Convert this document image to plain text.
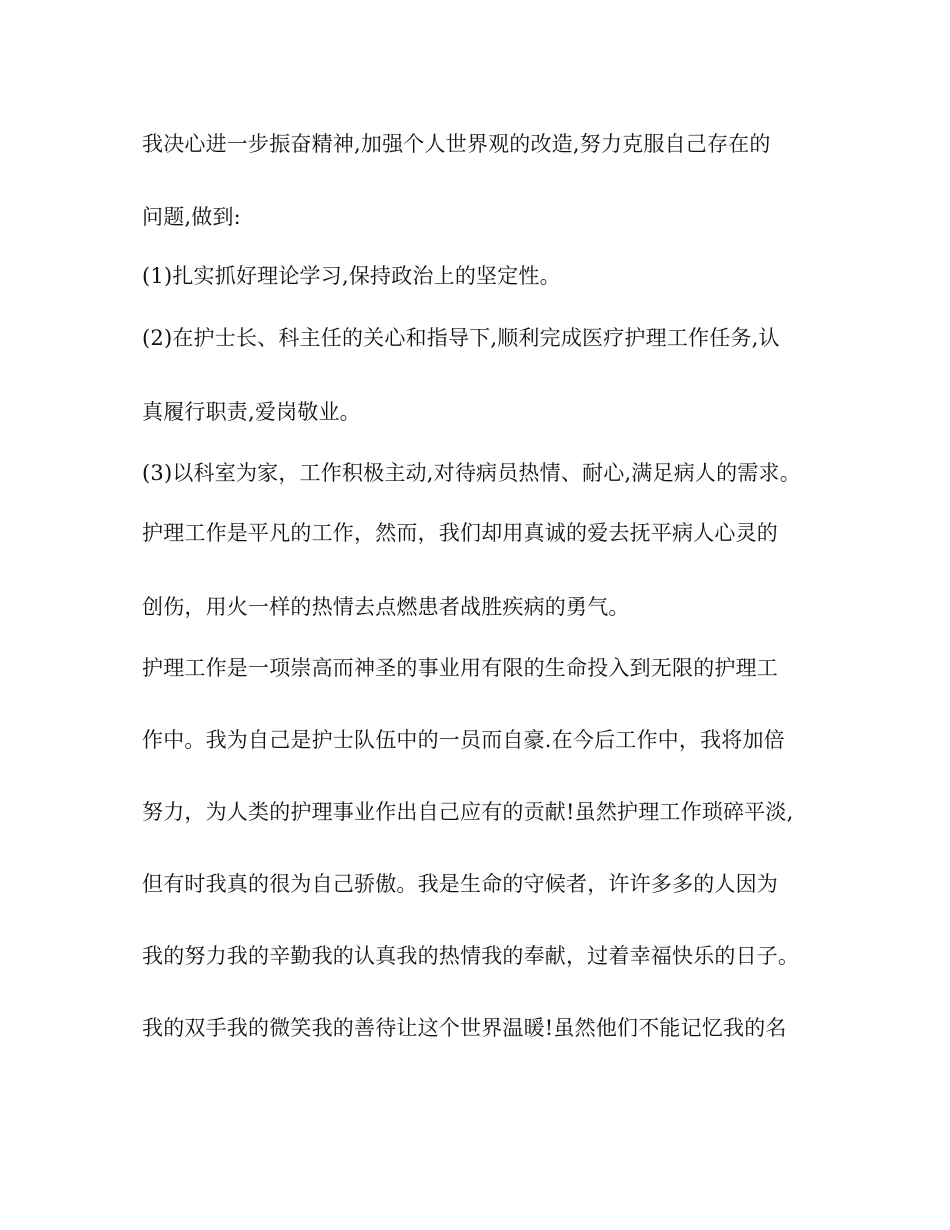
我决心进一步振奋精神,加强个人世界观的改造,努力克服自己存在的

问题,做到:

(1)扎实抓好理论学习,保持政治上的坚定性。

(2)在护士长、科主任的关心和指导下,顺利完成医疗护理工作任务,认

真履行职责,爱岗敬业。

(3)以科室为家，工作积极主动,对待病员热情、耐心,满足病人的需求。

护理工作是平凡的工作，然而，我们却用真诚的爱去抚平病人心灵的

创伤，用火一样的热情去点燃患者战胜疾病的勇气。

护理工作是一项崇高而神圣的事业用有限的生命投入到无限的护理工

作中。我为自己是护士队伍中的一员而自豪.在今后工作中，我将加倍

努力，为人类的护理事业作出自己应有的贡献!虽然护理工作琐碎平淡,

但有时我真的很为自己骄傲。我是生命的守候者，许许多多的人因为

我的努力我的辛勤我的认真我的热情我的奉献，过着幸福快乐的日子。

我的双手我的微笑我的善待让这个世界温暖!虽然他们不能记忆我的名
